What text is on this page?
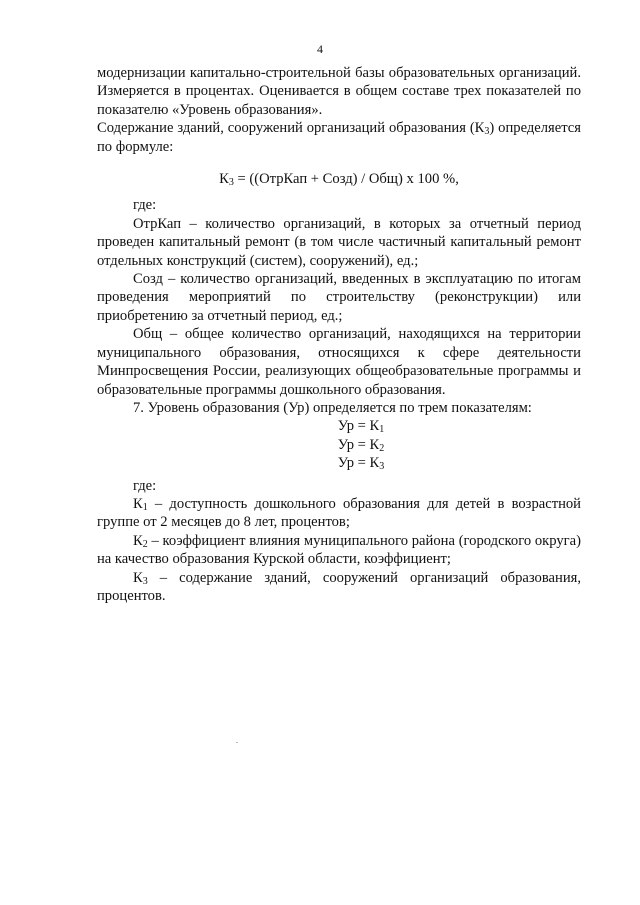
4

модернизации капитально-строительной базы образовательных организаций. Измеряется в процентах. Оценивается в общем составе трех показателей по показателю «Уровень образования».

Содержание зданий, сооружений организаций образования $(К_3)$ определяется по формуле:

$К_3$ = ((ОтрКап + Созд) / Общ) х 100 %,

где:

ОтрКап – количество организаций, в которых за отчетный период проведен капитальный ремонт (в том числе частичный капитальный ремонт отдельных конструкций (систем), сооружений), ед.;

Созд – количество организаций, введенных в эксплуатацию по итогам проведения мероприятий по строительству (реконструкции) или приобретению за отчетный период, ед.;

Общ – общее количество организаций, находящихся на территории муниципального образования, относящихся к сфере деятельности Минпросвещения России, реализующих общеобразовательные программы и образовательные программы дошкольного образования.

7. Уровень образования (Ур) определяется по трем показателям:

Ур = $К_1$
Ур = $К_2$
Ур = $К_3$

где:

$К_1$ – доступность дошкольного образования для детей в возрастной группе от 2 месяцев до 8 лет, процентов;

$К_2$ – коэффициент влияния муниципального района (городского округа) на качество образования Курской области, коэффициент;

$К_3$ – содержание зданий, сооружений организаций образования, процентов.
